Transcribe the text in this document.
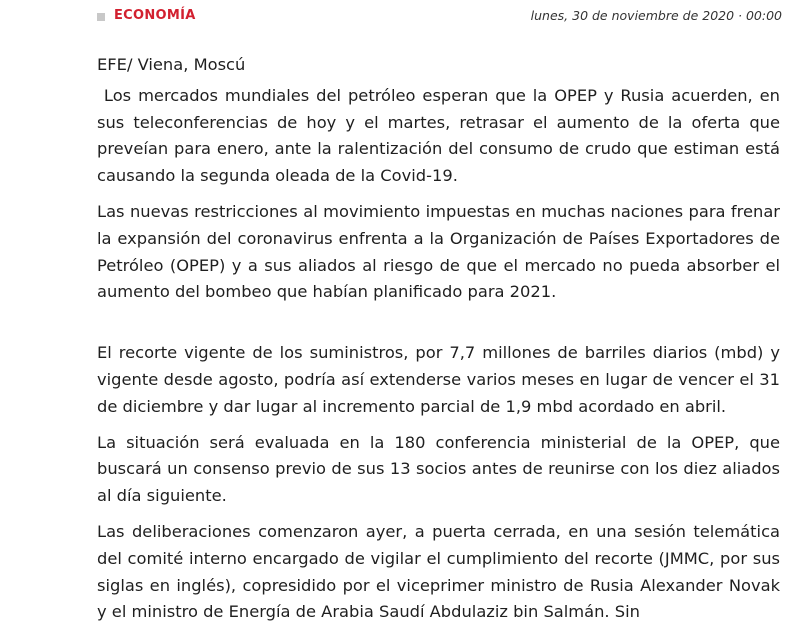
ECONOMÍA	lunes, 30 de noviembre de 2020 · 00:00

EFE/ Viena, Moscú

Los mercados mundiales del petróleo esperan que la OPEP y Rusia acuerden, en sus teleconferencias de hoy y el martes, retrasar el aumento de la oferta que preveían para enero, ante la ralentización del consumo de crudo que estiman está causando la segunda oleada de la Covid-19.

Las nuevas restricciones al movimiento impuestas en muchas naciones para frenar la expansión del coronavirus enfrenta a la Organización de Países Exportadores de Petróleo (OPEP) y a sus aliados al riesgo de que el mercado no pueda absorber el aumento del bombeo que habían planificado para 2021.

El recorte vigente de los suministros, por 7,7 millones de barriles diarios (mbd) y vigente desde agosto, podría así extenderse varios meses en lugar de vencer el 31 de diciembre y dar lugar al incremento parcial de 1,9 mbd acordado en abril.

La situación será evaluada en la 180 conferencia ministerial de la OPEP, que buscará un consenso previo de sus 13 socios antes de reunirse con los diez aliados al día siguiente.

Las deliberaciones comenzaron ayer, a puerta cerrada, en una sesión telemática del comité interno encargado de vigilar el cumplimiento del recorte (JMMC, por sus siglas en inglés), copresidido por el viceprimer ministro de Rusia Alexander Novak y el ministro de Energía de Arabia Saudí Abdulaziz bin Salmán. Sin
